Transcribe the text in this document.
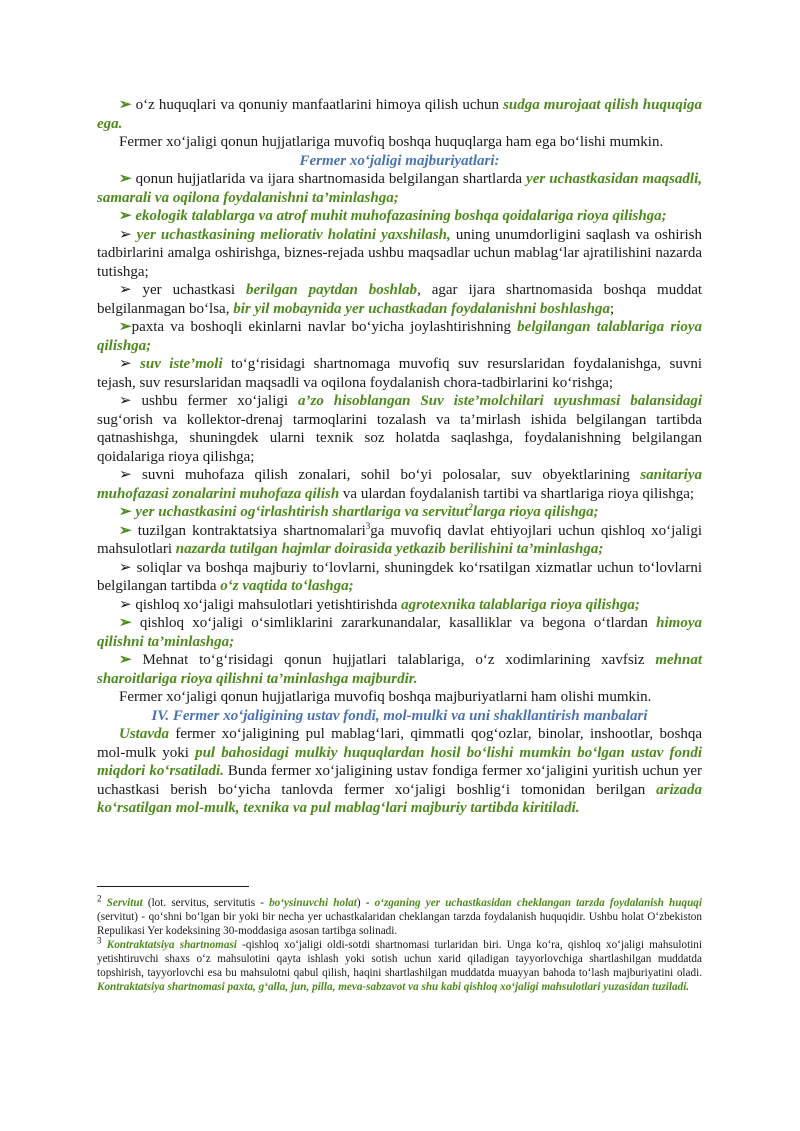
➢ o‘z huquqlari va qonuniy manfaatlarini himoya qilish uchun sudga murojaat qilish huquqiga ega.

Fermer xo‘jaligi qonun hujjatlariga muvofiq boshqa huquqlarga ham ega bo‘lishi mumkin.

Fermer xo‘jaligi majburiyatlari:

➢ qonun hujjatlarida va ijara shartnomasida belgilangan shartlarda yer uchastkasidan maqsadli, samarali va oqilona foydalanishni ta’minlashga;

➢ ekologik talablarga va atrof muhit muhofazasining boshqa qoidalariga rioya qilishga;

➢ yer uchastkasining meliorativ holatini yaxshilash, uning unumdorligini saqlash va oshirish tadbirlarini amalga oshirishga, biznes-rejada ushbu maqsadlar uchun mablag‘lar ajratilishini nazarda tutishga;

➢ yer uchastkasi berilgan paytdan boshlab, agar ijara shartnomasida boshqa muddat belgilanmagan bo‘lsa, bir yil mobaynida yer uchastkadan foydalanishni boshlashga;

➢paxta va boshoqli ekinlarni navlar bo‘yicha joylashtirishning belgilangan talablariga rioya qilishga;

➢ suv iste’moli to‘g‘risidagi shartnomaga muvofiq suv resurslaridan foydalanishga, suvni tejash, suv resurslaridan maqsadli va oqilona foydalanish chora-tadbirlarini ko‘rishga;

➢ ushbu fermer xo‘jaligi a’zo hisoblangan Suv iste’molchilari uyushmasi balansidagi sug‘orish va kollektor-drenaj tarmoqlarini tozalash va ta’mirlash ishida belgilangan tartibda qatnashishga, shuningdek ularni texnik soz holatda saqlashga, foydalanishning belgilangan qoidalariga rioya qilishga;

➢ suvni muhofaza qilish zonalari, sohil bo‘yi polosalar, suv obyektlarining sanitariya muhofazasi zonalarini muhofaza qilish va ulardan foydalanish tartibi va shartlariga rioya qilishga;

➢ yer uchastkasini og‘irlashtirish shartlariga va servitut$^2$larga rioya qilishga;

➢ tuzilgan kontraktatsiya shartnomalari$^3$ga muvofiq davlat ehtiyojlari uchun qishloq xo‘jaligi mahsulotlari nazarda tutilgan hajmlar doirasida yetkazib berilishini ta’minlashga;

➢ soliqlar va boshqa majburiy to‘lovlarni, shuningdek ko‘rsatilgan xizmatlar uchun to‘lovlarni belgilangan tartibda o‘z vaqtida to‘lashga;

➢ qishloq xo‘jaligi mahsulotlari yetishtirishda agrotexnika talablariga rioya qilishga;

➢ qishloq xo‘jaligi o‘simliklarini zararkunandalar, kasalliklar va begona o‘tlardan himoya qilishni ta’minlashga;

➢ Mehnat to‘g‘risidagi qonun hujjatlari talablariga, o‘z xodimlarining xavfsiz mehnat sharoitlariga rioya qilishni ta’minlashga majburdir.

Fermer xo‘jaligi qonun hujjatlariga muvofiq boshqa majburiyatlarni ham olishi mumkin.

IV. Fermer xo‘jaligining ustav fondi, mol-mulki va uni shakllantirish manbalari

Ustavda fermer xo‘jaligining pul mablag‘lari, qimmatli qog‘ozlar, binolar, inshootlar, boshqa mol-mulk yoki pul bahosidagi mulkiy huquqlardan hosil bo‘lishi mumkin bo‘lgan ustav fondi miqdori ko‘rsatiladi. Bunda fermer xo‘jaligining ustav fondiga fermer xo‘jaligini yuritish uchun yer uchastkasi berish bo‘yicha tanlovda fermer xo‘jaligi boshlig‘i tomonidan berilgan arizada ko‘rsatilgan mol-mulk, texnika va pul mablag‘lari majburiy tartibda kiritiladi.

$^2$ Servitut (lot. servitus, servitutis - bo‘ysinuvchi holat) - o‘zganing yer uchastkasidan cheklangan tarzda foydalanish huquqi (servitut) - qo‘shni bo‘lgan bir yoki bir necha yer uchastkalaridan cheklangan tarzda foydalanish huquqidir. Ushbu holat O‘zbekiston Repulikasi Yer kodeksining 30-moddasiga asosan tartibga solinadi.

$^3$ Kontraktatsiya shartnomasi -qishloq xo‘jaligi oldi-sotdi shartnomasi turlaridan biri. Unga ko‘ra, qishloq xo‘jaligi mahsulotini yetishtiruvchi shaxs o‘z mahsulotini qayta ishlash yoki sotish uchun xarid qiladigan tayyorlovchiga shartlashilgan muddatda topshirish, tayyorlovchi esa bu mahsulotni qabul qilish, haqini shartlashilgan muddatda muayyan bahoda to‘lash majburiyatini oladi. Kontraktatsiya shartnomasi paxta, g‘alla, jun, pilla, meva-sabzavot va shu kabi qishloq xo‘jaligi mahsulotlari yuzasidan tuziladi.
